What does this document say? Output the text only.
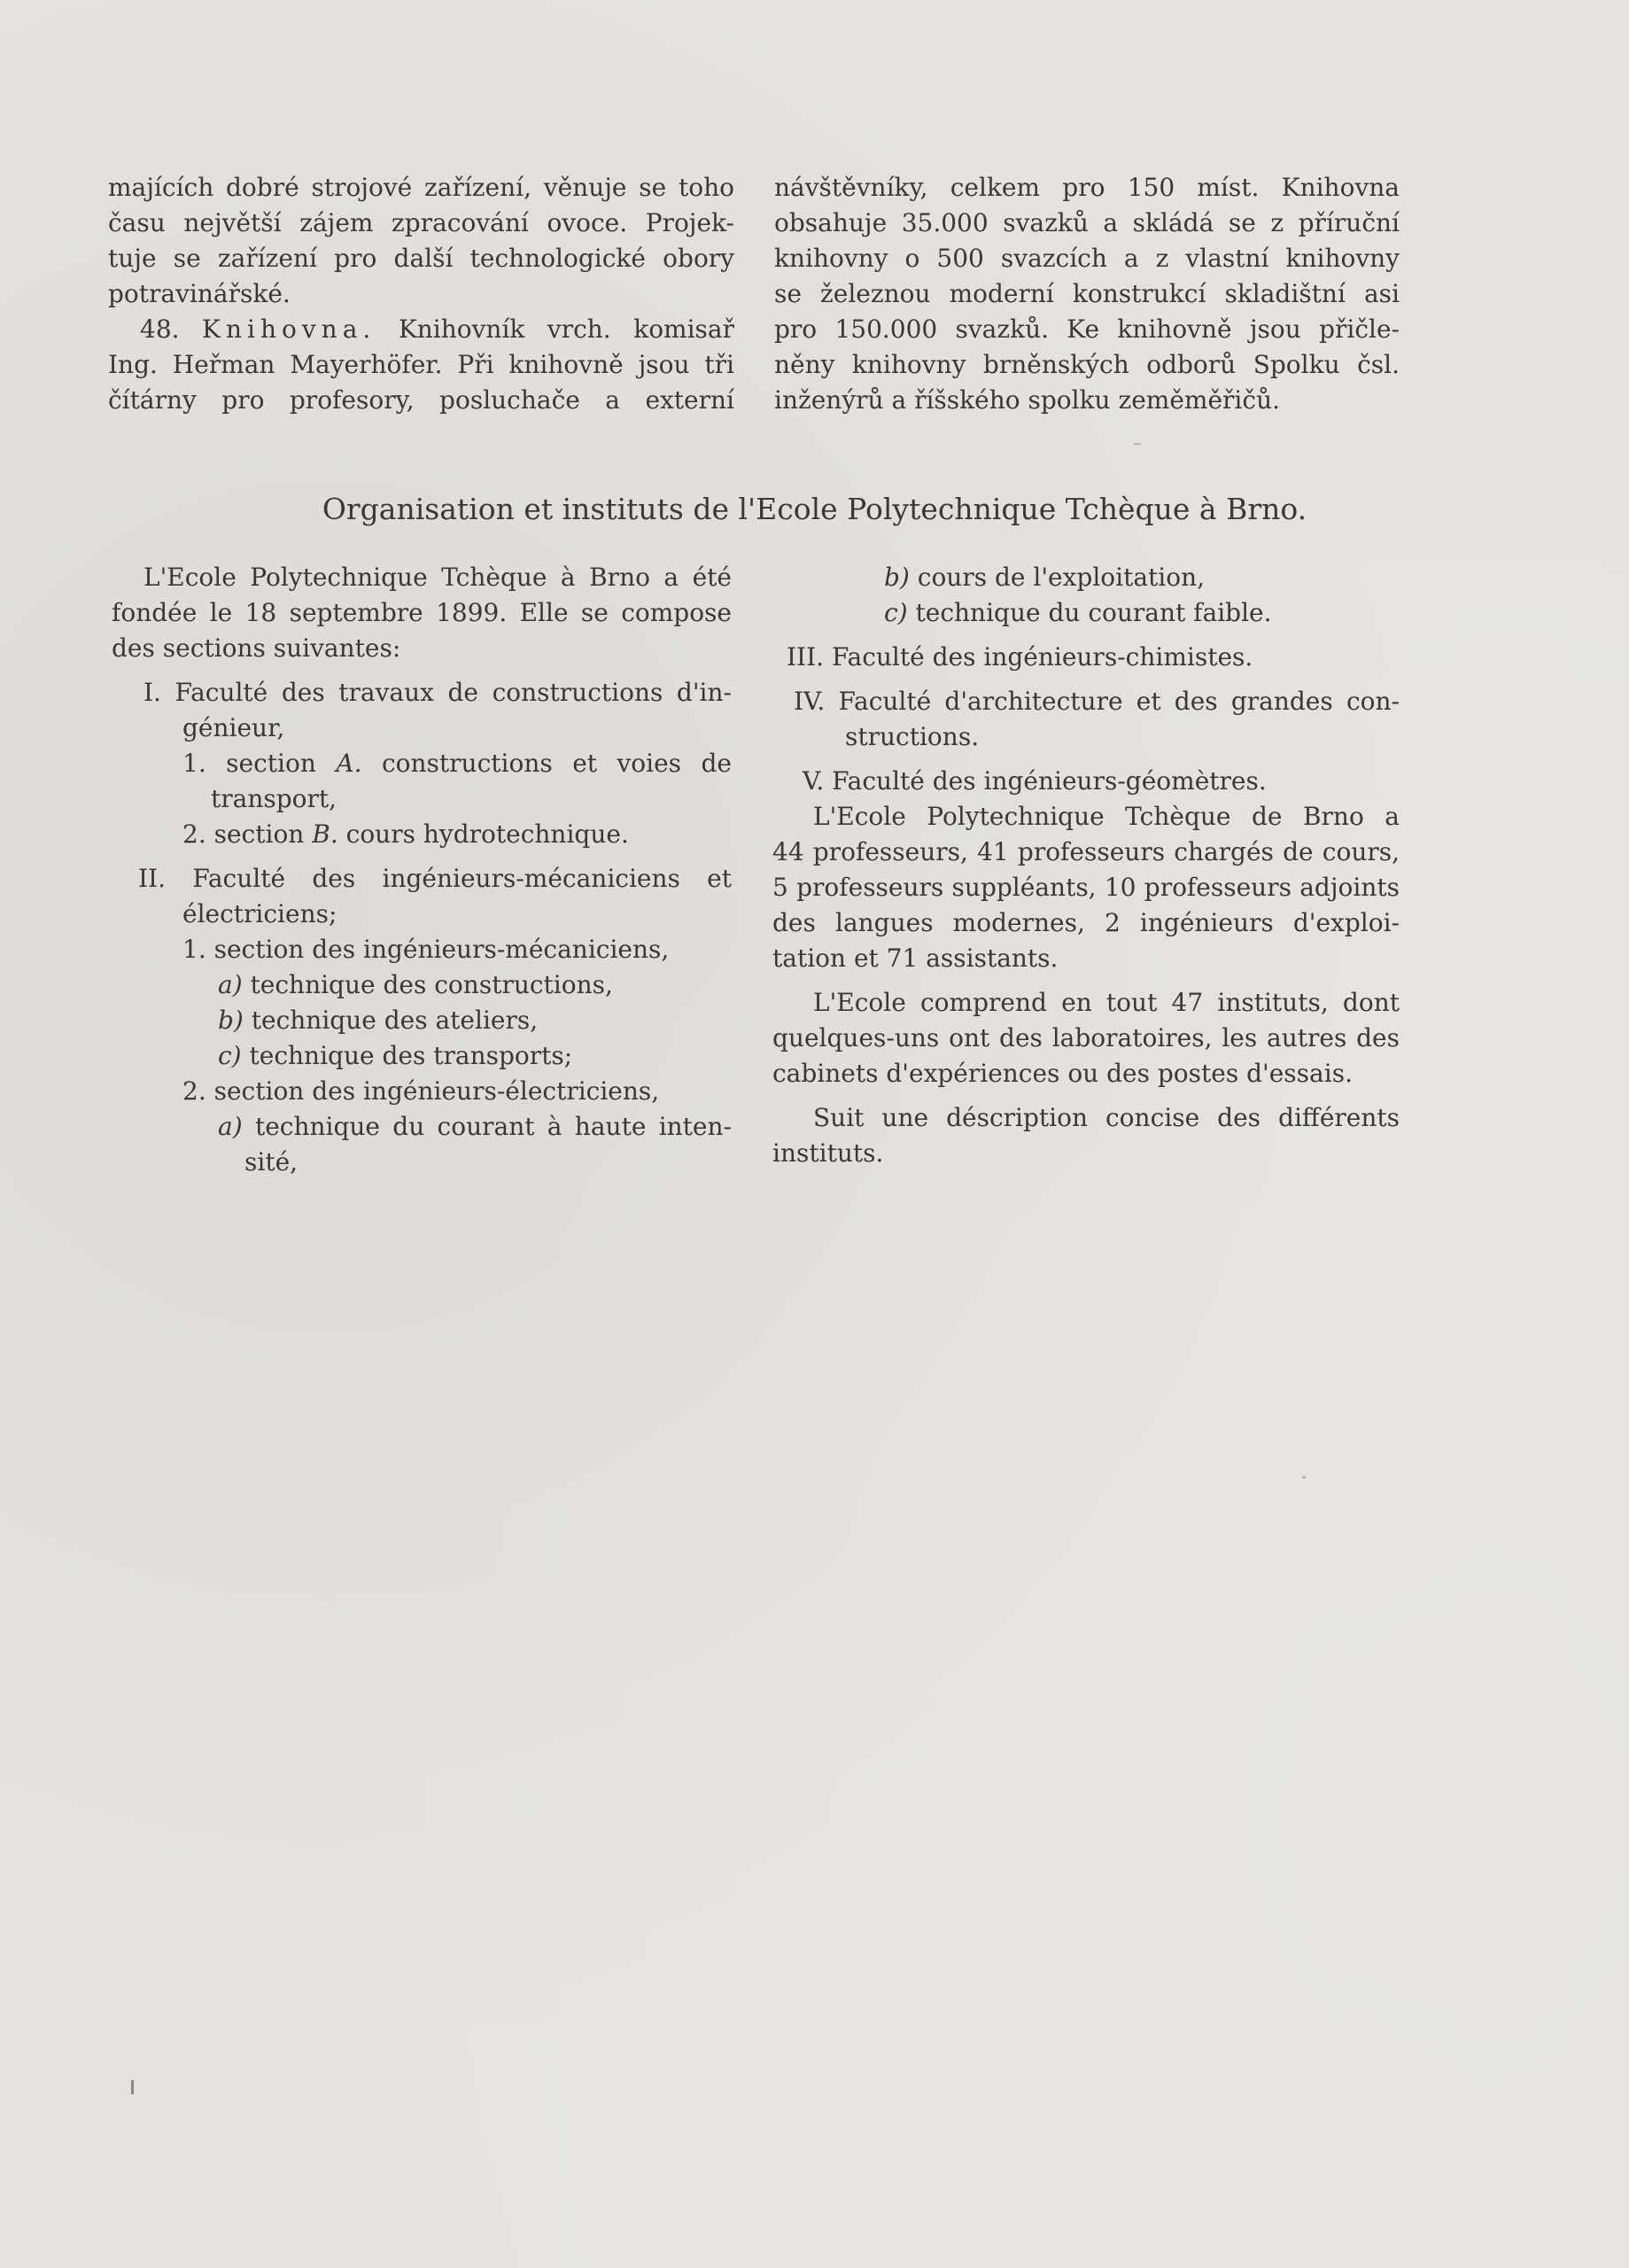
majících dobré strojové zařízení, věnuje se toho
času největší zájem zpracování ovoce. Projek-
tuje se zařízení pro další technologické obory
potravinářské.
48. Knihovna. Knihovník vrch. komisař
Ing. Heřman Mayerhöfer. Při knihovně jsou tři
čítárny pro profesory, posluchače a externí
návštěvníky, celkem pro 150 míst. Knihovna
obsahuje 35.000 svazků a skládá se z příruční
knihovny o 500 svazcích a z vlastní knihovny
se železnou moderní konstrukcí skladištní asi
pro 150.000 svazků. Ke knihovně jsou přičle-
něny knihovny brněnských odborů Spolku čsl.
inženýrů a říšského spolku zeměměřičů.
Organisation et instituts de l'Ecole Polytechnique Tchèque à Brno.
L'Ecole Polytechnique Tchèque à Brno a été
fondée le 18 septembre 1899. Elle se compose
des sections suivantes:
I. Faculté des travaux de constructions d'in-
génieur,
1. section A. constructions et voies de
transport,
2. section B. cours hydrotechnique.
II. Faculté des ingénieurs-mécaniciens et
électriciens;
1. section des ingénieurs-mécaniciens,
a) technique des constructions,
b) technique des ateliers,
c) technique des transports;
2. section des ingénieurs-électriciens,
a) technique du courant à haute inten-
sité,
b) cours de l'exploitation,
c) technique du courant faible.
III. Faculté des ingénieurs-chimistes.
IV. Faculté d'architecture et des grandes con-
structions.
V. Faculté des ingénieurs-géomètres.
L'Ecole Polytechnique Tchèque de Brno a
44 professeurs, 41 professeurs chargés de cours,
5 professeurs suppléants, 10 professeurs adjoints
des langues modernes, 2 ingénieurs d'exploi-
tation et 71 assistants.
L'Ecole comprend en tout 47 instituts, dont
quelques-uns ont des laboratoires, les autres des
cabinets d'expériences ou des postes d'essais.
Suit une déscription concise des différents
instituts.
